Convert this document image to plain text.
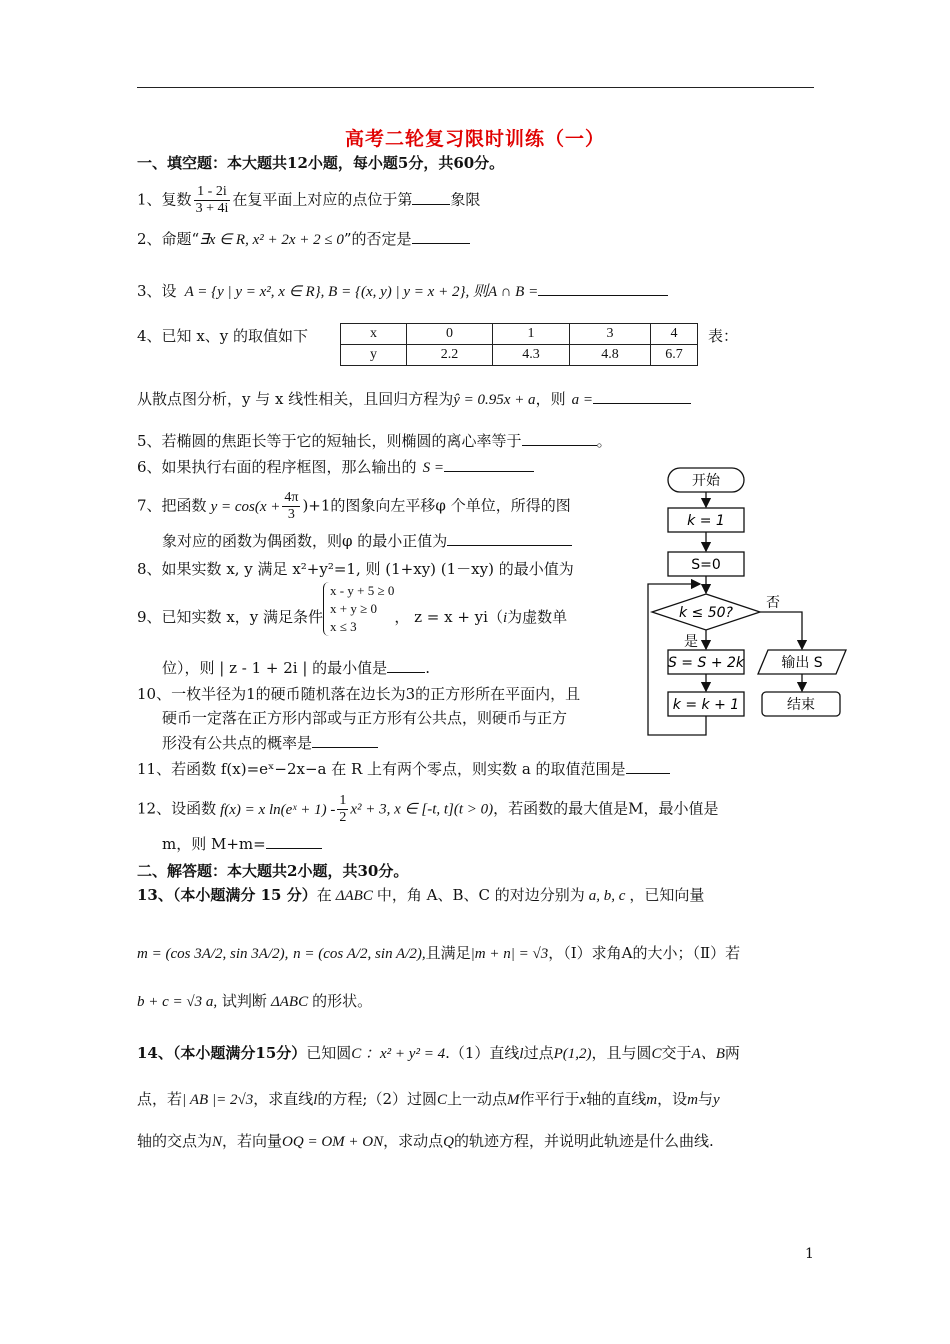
高考二轮复习限时训练（一）
一、填空题：本大题共12小题，每小题5分，共60分。
1、复数 $\frac{1 - 2i}{3 + 4i}$ 在复平面上对应的点位于第	象限
2、命题“∃x ∈ R, x² + 2x + 2 ≤ 0”的否定是
3、设 A = {y | y = x², x ∈ R}, B = {(x, y) | y = x + 2}, 则A ∩ B =
4、已知 x、y 的取值如下	x	0	1	3	4
y	2.2	4.3	4.8	6.7
表：
从散点图分析，y 与 x 线性相关，且回归方程为ŷ = 0.95x + a，则 a =
5、若椭圆的焦距长等于它的短轴长，则椭圆的离心率等于	。
6、如果执行右面的程序框图，那么输出的 S =
7、把函数 $y = \cos(x + \frac{4\pi}{3} )+1$的图象向左平移φ 个单位，所得的图
象对应的函数为偶函数，则φ 的最小正值为
8、如果实数 x, y 满足 x²+y²=1, 则 (1+xy) (1－xy) 的最小值为
9、已知实数 x，y 满足条件
x - y + 5 ≥ 0
x + y ≥ 0
x ≤ 3
， z = x + yi（i为虚数单
位），则 | z - 1 + 2i | 的最小值是	.
10、一枚半径为1的硬币随机落在边长为3的正方形所在平面内，且
硬币一定落在正方形内部或与正方形有公共点，则硬币与正方
形没有公共点的概率是
11、若函数 f(x)=eˣ−2x−a 在 R 上有两个零点，则实数 a 的取值范围是
12、设函数 f(x) = x ln(eˣ + $1) - \frac{1}{2} x^2 + 3$, x ∈ [-t, t](t > 0)，若函数的最大值是M，最小值是
m，则 M+m=
二、解答题：本大题共2小题，共30分。
13、（本小题满分 15 分）在 ΔABC 中，角 A、B、C 的对边分别为 a, b, c ，已知向量
m = (cos 3A/2, sin 3A/2), n = (cos A/2, sin A/2),且满足|m + n| = √3，（Ⅰ）求角A的大小；（Ⅱ）若
b + c = √3 a, 试判断 ΔABC 的形状。
14、（本小题满分15分）已知圆C ：x² + y² = 4.（1）直线l过点P(1,2)，且与圆C交于A、B两
点，若| AB |= 2√3，求直线l的方程;（2）过圆C上一动点M作平行于x轴的直线m，设m与y
轴的交点为N，若向量OQ = OM + ON，求动点Q的轨迹方程，并说明此轨迹是什么曲线.
开始
k = 1
S=0
k ≤ 50?
是
否
S = S + 2k
k = k + 1
输出 S
结束
1
